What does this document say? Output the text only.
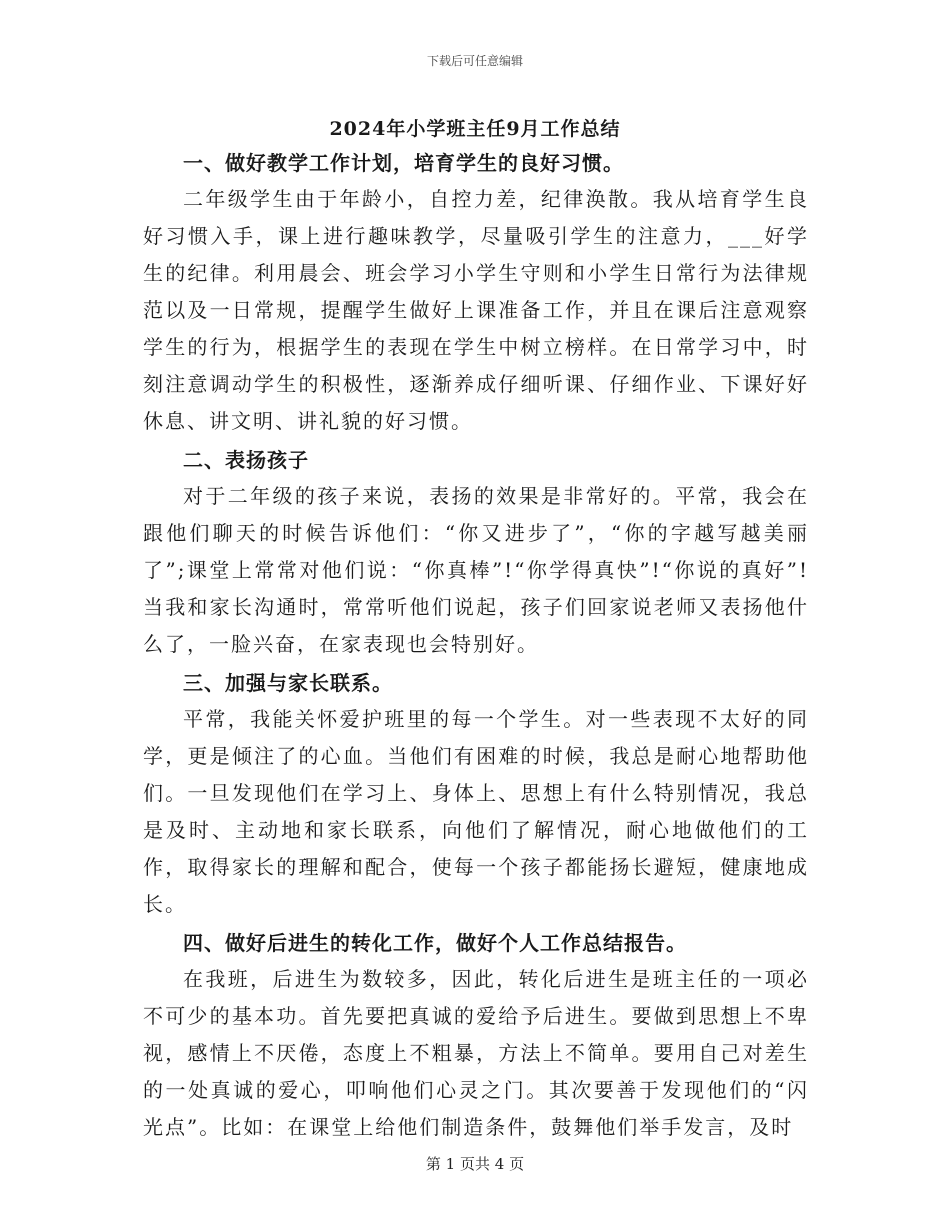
下载后可任意编辑
2024年小学班主任9月工作总结
一、做好教学工作计划，培育学生的良好习惯。
二年级学生由于年龄小，自控力差，纪律涣散。我从培育学生良好习惯入手，课上进行趣味教学，尽量吸引学生的注意力，___好学生的纪律。利用晨会、班会学习小学生守则和小学生日常行为法律规范以及一日常规，提醒学生做好上课准备工作，并且在课后注意观察学生的行为，根据学生的表现在学生中树立榜样。在日常学习中，时刻注意调动学生的积极性，逐渐养成仔细听课、仔细作业、下课好好休息、讲文明、讲礼貌的好习惯。
二、表扬孩子
对于二年级的孩子来说，表扬的效果是非常好的。平常，我会在跟他们聊天的时候告诉他们：“你又进步了”，“你的字越写越美丽了”;课堂上常常对他们说：“你真棒”!“你学得真快”!“你说的真好”!当我和家长沟通时，常常听他们说起，孩子们回家说老师又表扬他什么了，一脸兴奋，在家表现也会特别好。
三、加强与家长联系。
平常，我能关怀爱护班里的每一个学生。对一些表现不太好的同学，更是倾注了的心血。当他们有困难的时候，我总是耐心地帮助他们。一旦发现他们在学习上、身体上、思想上有什么特别情况，我总是及时、主动地和家长联系，向他们了解情况，耐心地做他们的工作，取得家长的理解和配合，使每一个孩子都能扬长避短，健康地成长。
四、做好后进生的转化工作，做好个人工作总结报告。
在我班，后进生为数较多，因此，转化后进生是班主任的一项必不可少的基本功。首先要把真诚的爱给予后进生。要做到思想上不卑视，感情上不厌倦，态度上不粗暴，方法上不简单。要用自己对差生的一处真诚的爱心，叩响他们心灵之门。其次要善于发现他们的“闪光点”。比如：在课堂上给他们制造条件，鼓舞他们举手发言，及时
第 1 页共 4 页
